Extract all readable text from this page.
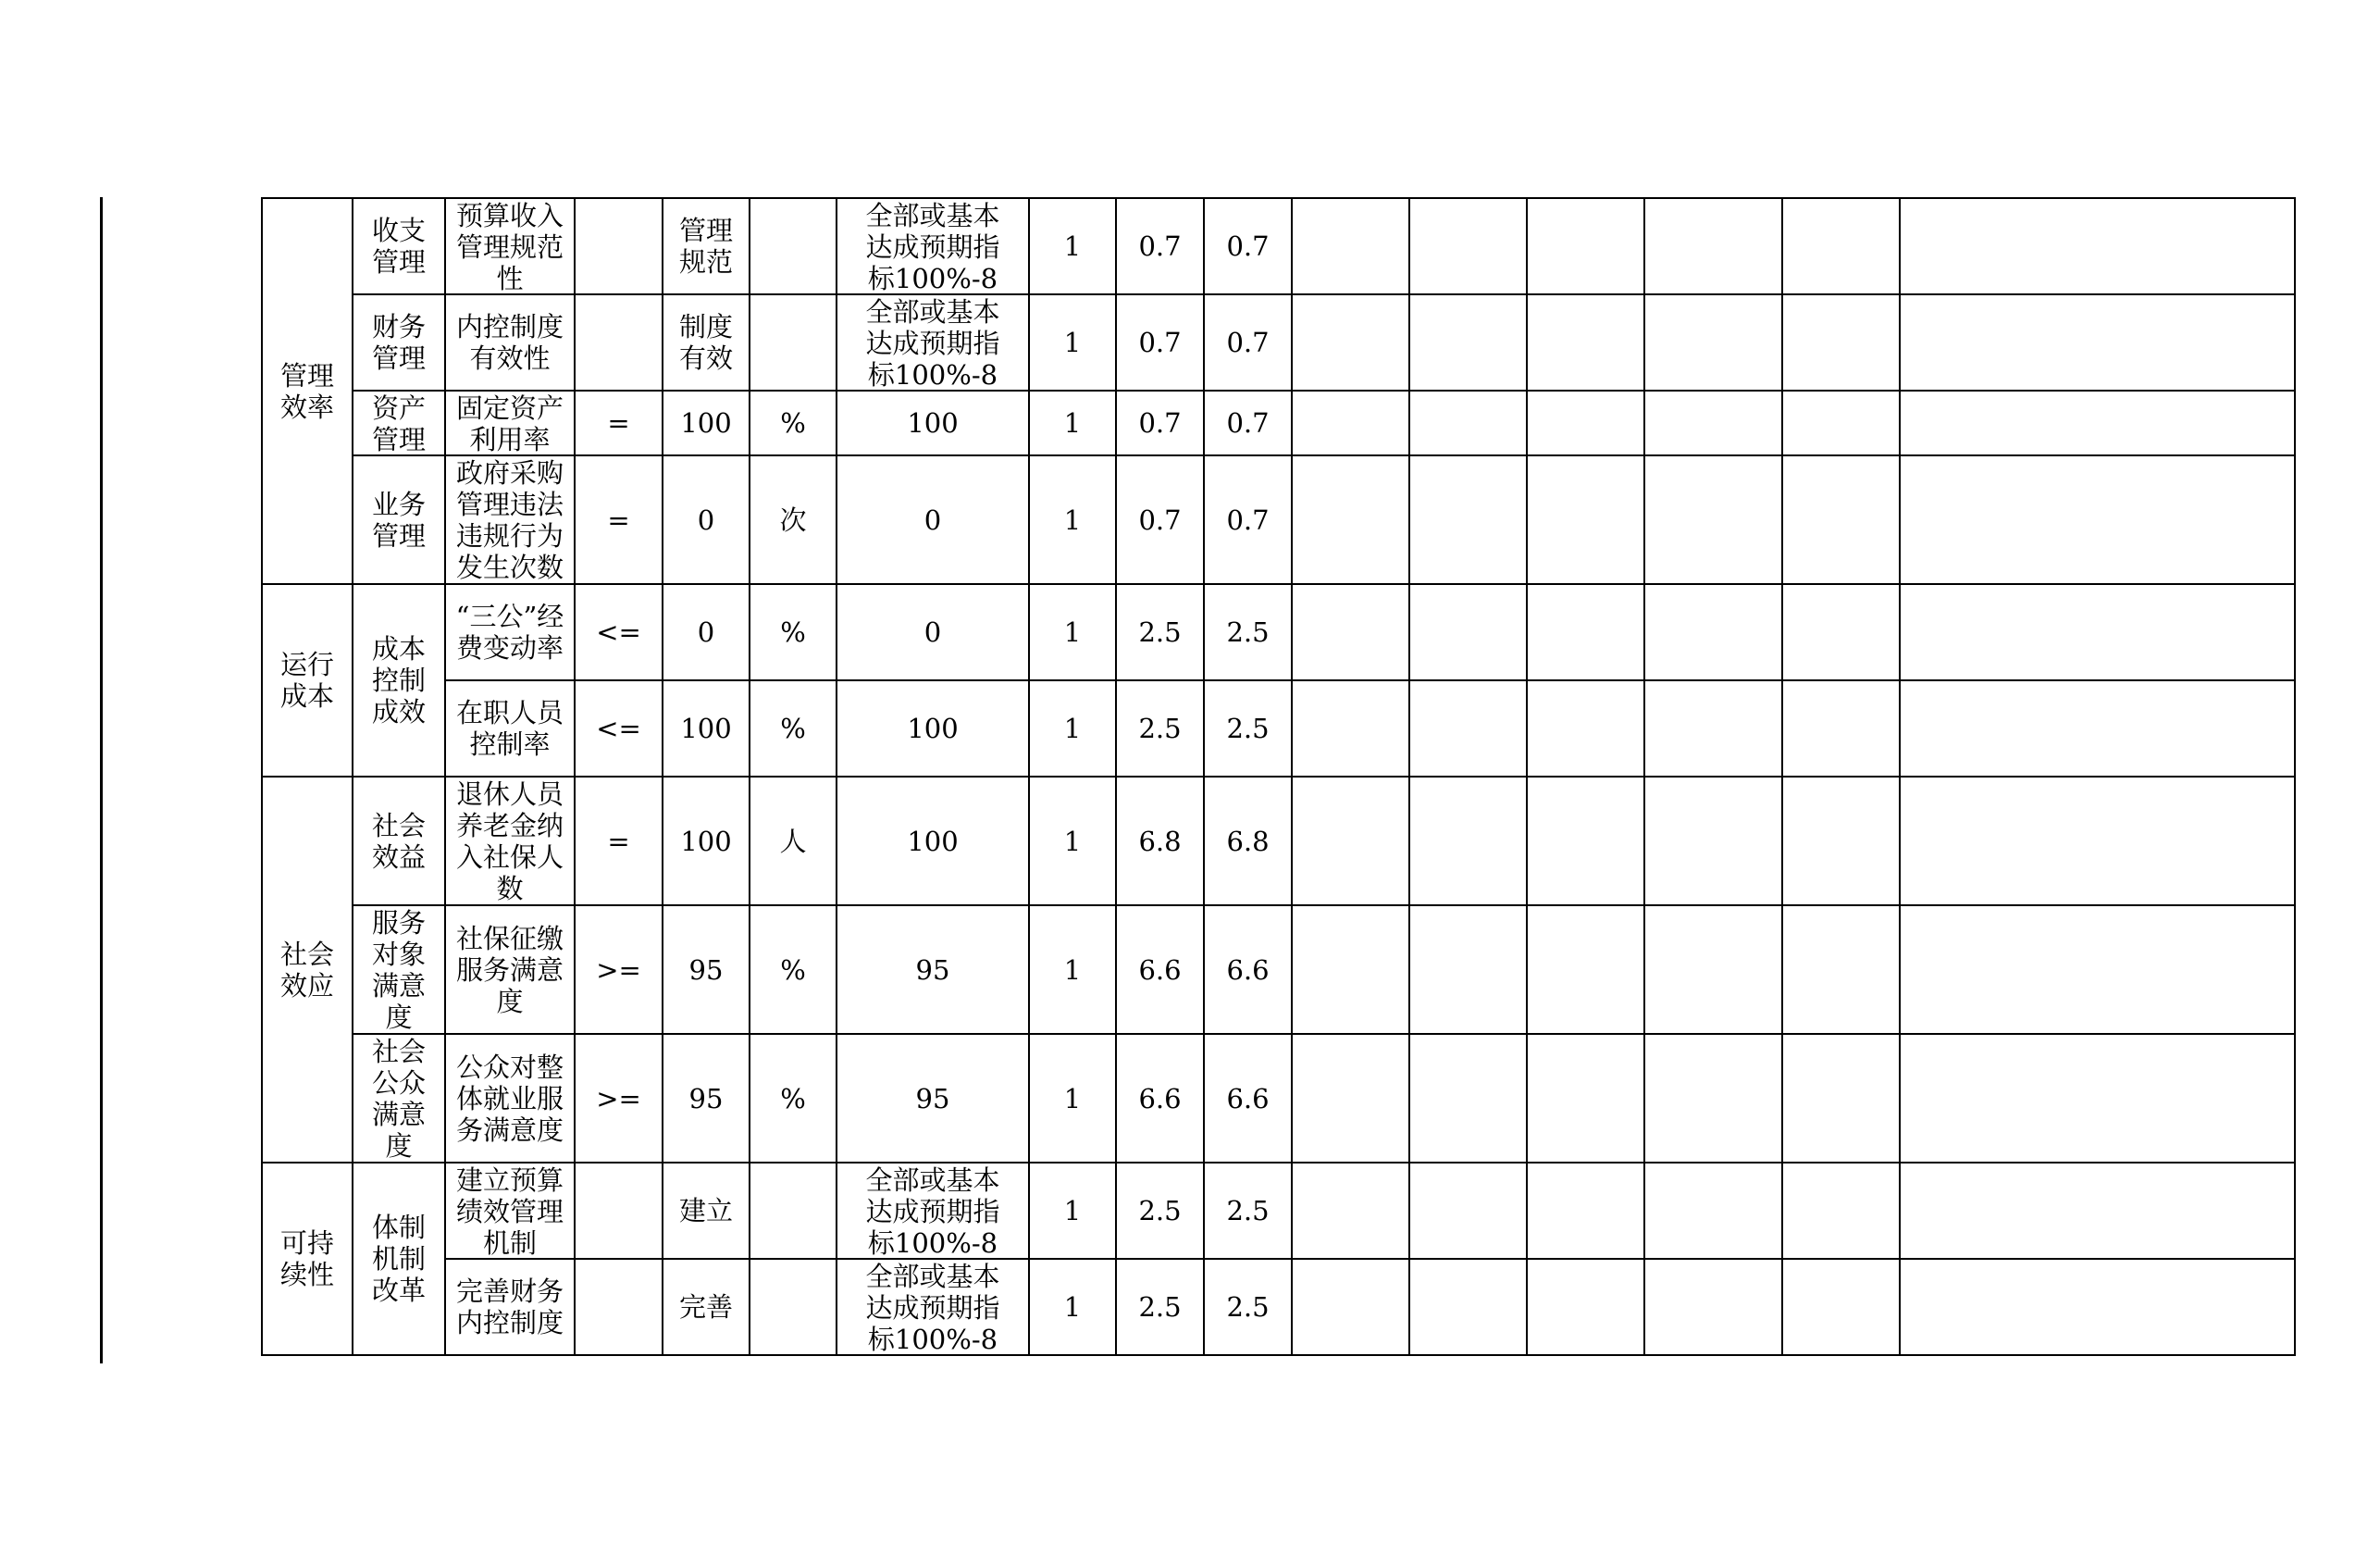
管理效率	收支管理	预算收入管理规范性		管理规范		全部或基本达成预期指标100%-8	1	0.7	0.7						

	财务管理	内控制度有效性		制度有效		全部或基本达成预期指标100%-8	1	0.7	0.7						

	资产管理	固定资产利用率	=	100	%	100	1	0.7	0.7						

	业务管理	政府采购管理违法违规行为发生次数	=	0	次	0	1	0.7	0.7						

运行成本	成本控制成效	“三公”经费变动率	<=	0	%	0	1	2.5	2.5						

		在职人员控制率	<=	100	%	100	1	2.5	2.5						

社会效应	社会效益	退休人员养老金纳入社保人数	=	100	人	100	1	6.8	6.8						

	服务对象满意度	社保征缴服务满意度	>=	95	%	95	1	6.6	6.6						

	社会公众满意度	公众对整体就业服务满意度	>=	95	%	95	1	6.6	6.6						

可持续性	体制机制改革	建立预算绩效管理机制		建立		全部或基本达成预期指标100%-8	1	2.5	2.5						

		完善财务内控制度		完善		全部或基本达成预期指标100%-8	1	2.5	2.5						
